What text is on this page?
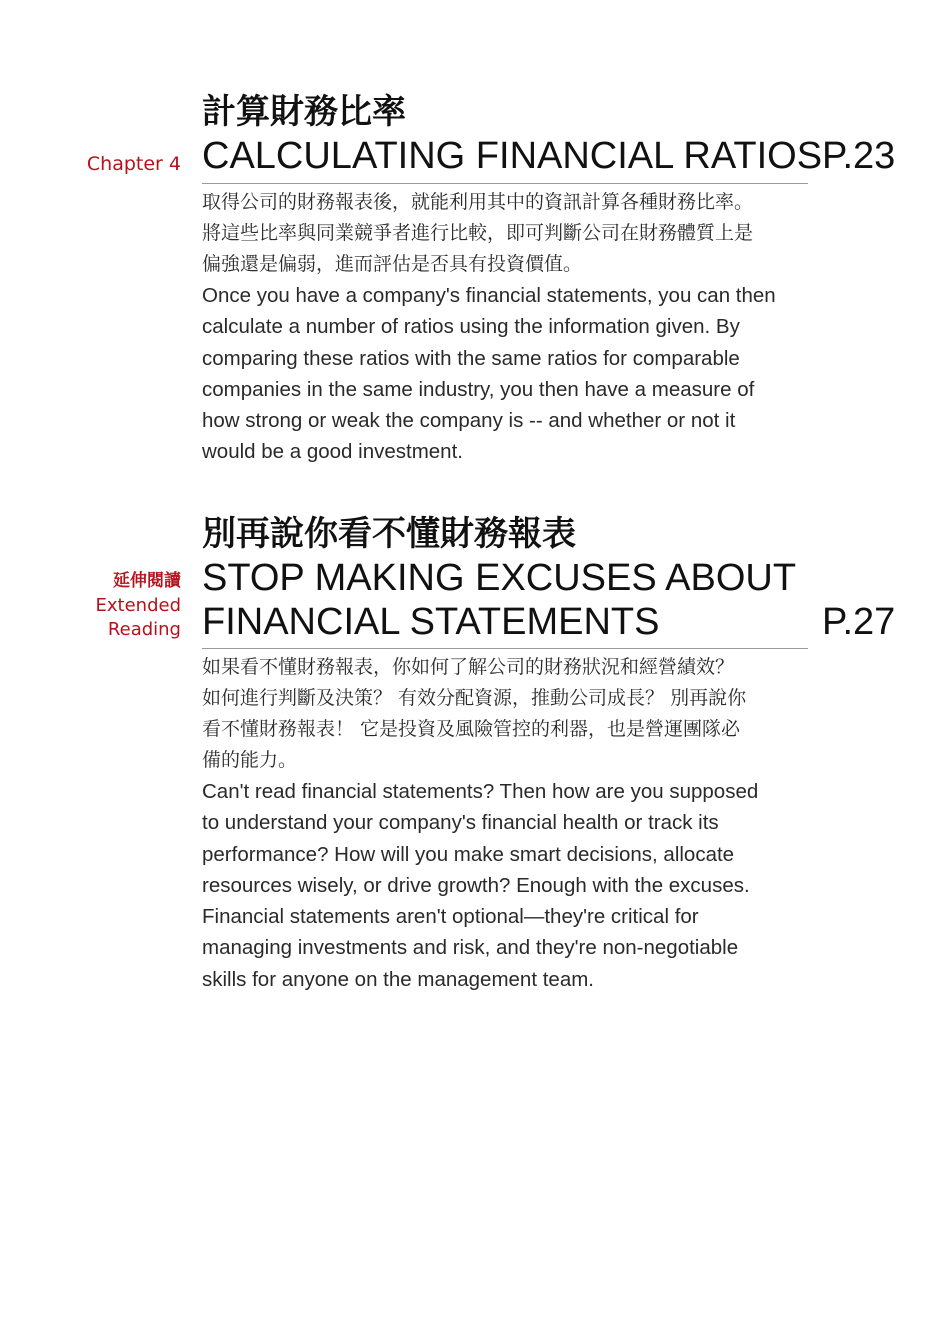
Chapter 4
計算財務比率
CALCULATING FINANCIAL RATIOS P.23

取得公司的財務報表後，就能利用其中的資訊計算各種財務比率。
將這些比率與同業競爭者進行比較，即可判斷公司在財務體質上是
偏強還是偏弱，進而評估是否具有投資價值。

Once you have a company's financial statements, you can then
calculate a number of ratios using the information given. By
comparing these ratios with the same ratios for comparable
companies in the same industry, you then have a measure of
how strong or weak the company is -- and whether or not it
would be a good investment.

延伸閱讀
Extended
Reading
別再說你看不懂財務報表
STOP MAKING EXCUSES ABOUT
FINANCIAL STATEMENTS	P.27

如果看不懂財務報表，你如何了解公司的財務狀況和經營績效？
如何進行判斷及決策？ 有效分配資源，推動公司成長？ 別再說你
看不懂財務報表！ 它是投資及風險管控的利器，也是營運團隊必
備的能力。

Can't read financial statements? Then how are you supposed
to understand your company's financial health or track its
performance? How will you make smart decisions, allocate
resources wisely, or drive growth? Enough with the excuses.
Financial statements aren't optional—they're critical for
managing investments and risk, and they're non-negotiable
skills for anyone on the management team.
